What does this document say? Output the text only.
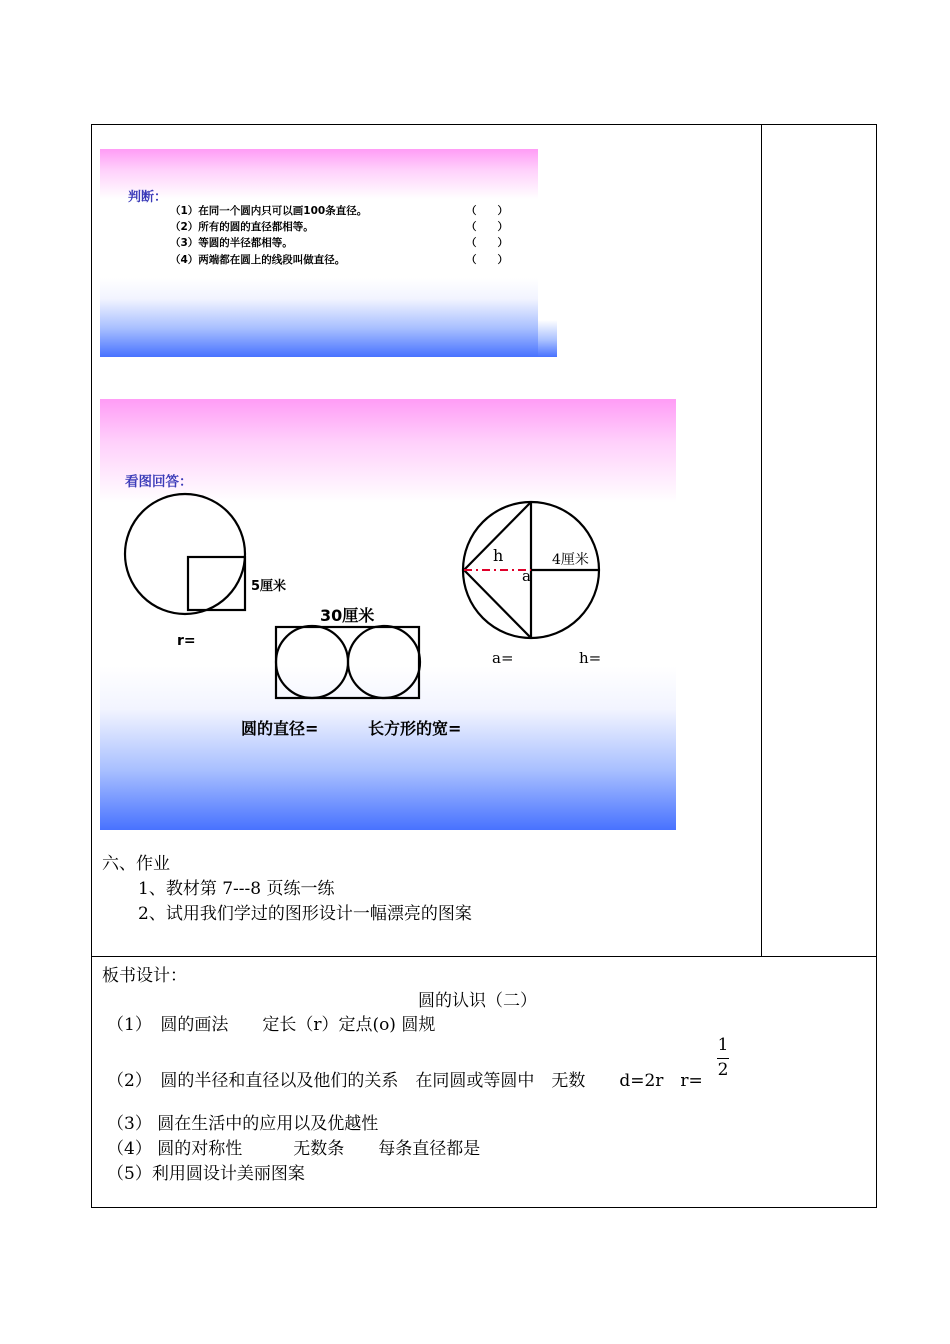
判断：
（1）在同一个圆内只可以画100条直径。
（2）所有的圆的直径都相等。
（3）等圆的半径都相等。
（4）两端都在圆上的线段叫做直径。
（　　）
（　　）
（　　）
（　　）
看图回答：
5厘米
r=
30厘米
圆的直径=	长方形的宽=
h
a
4厘米
a=	h=
六、作业
1、教材第 7---8 页练一练
2、试用我们学过的图形设计一幅漂亮的图案
板书设计：
圆的认识（二）
（1）　圆的画法　　定长（r）定点(o) 圆规
（2）　圆的半径和直径以及他们的关系　在同圆或等圆中　无数　　d=2r　r=
1
2
（3） 圆在生活中的应用以及优越性
（4） 圆的对称性　　　无数条　　每条直径都是
（5）利用圆设计美丽图案
